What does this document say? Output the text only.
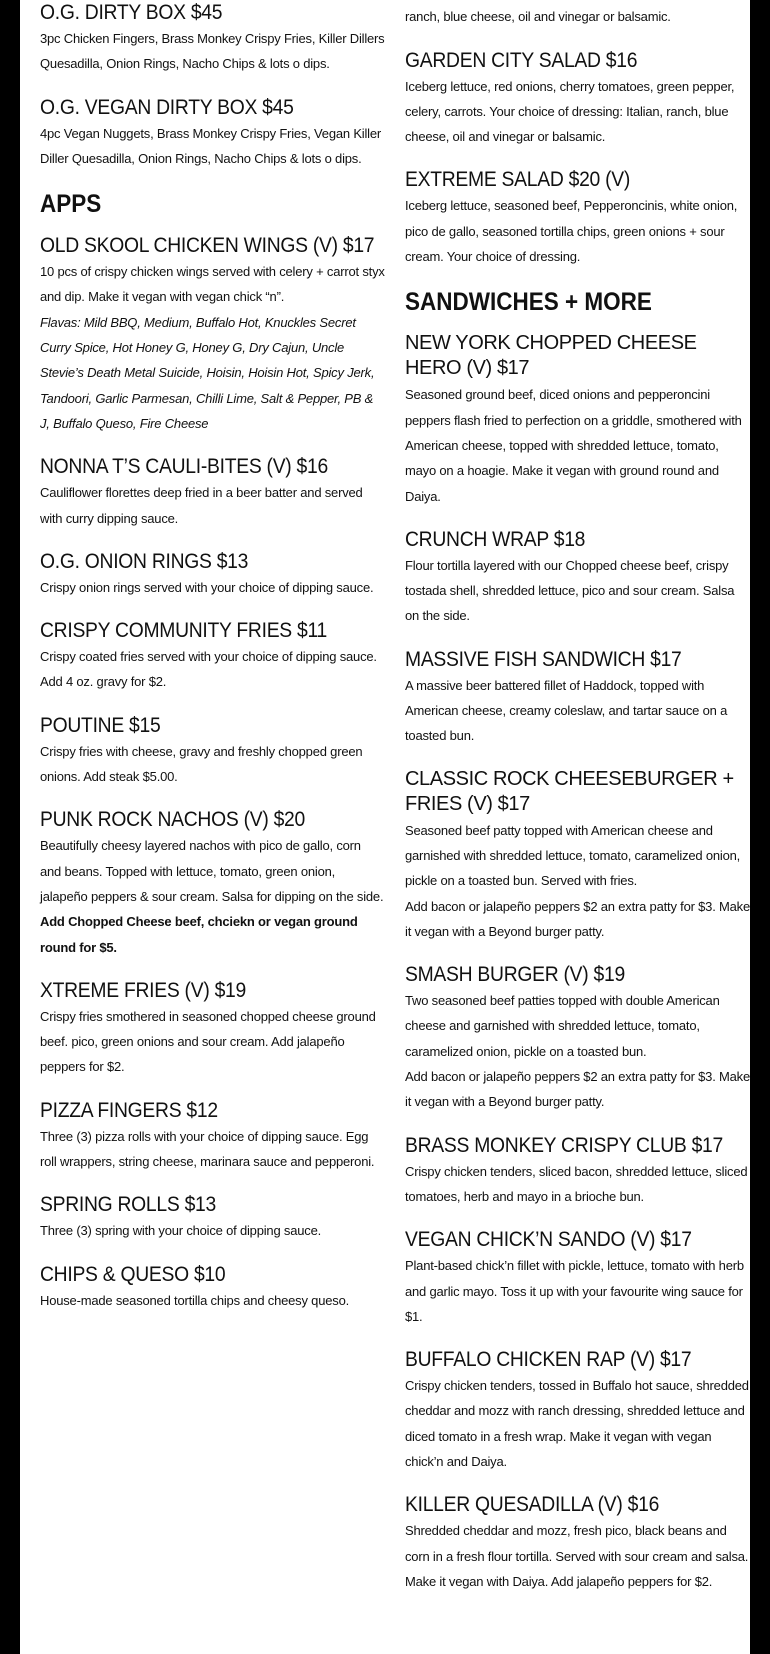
O.G. DIRTY BOX $45
3pc Chicken Fingers, Brass Monkey Crispy Fries, Killer Dillers Quesadilla, Onion Rings, Nacho Chips & lots o dips.
O.G. VEGAN DIRTY BOX $45
4pc Vegan Nuggets, Brass Monkey Crispy Fries, Vegan Killer Diller Quesadilla, Onion Rings, Nacho Chips & lots o dips.
APPS
OLD SKOOL CHICKEN WINGS (V) $17
10 pcs of crispy chicken wings served with celery + carrot styx and dip. Make it vegan with vegan chick “n”.
Flavas: Mild BBQ, Medium, Buffalo Hot, Knuckles Secret Curry Spice, Hot Honey G, Honey G, Dry Cajun, Uncle Stevie’s Death Metal Suicide, Hoisin, Hoisin Hot, Spicy Jerk, Tandoori, Garlic Parmesan, Chilli Lime, Salt & Pepper, PB & J, Buffalo Queso, Fire Cheese
NONNA T’S CAULI-BITES (V) $16
Cauliflower florettes deep fried in a beer batter and served with curry dipping sauce.
O.G. ONION RINGS $13
Crispy onion rings served with your choice of dipping sauce.
CRISPY COMMUNITY FRIES $11
Crispy coated fries served with your choice of dipping sauce.
Add 4 oz. gravy for $2.
POUTINE $15
Crispy fries with cheese, gravy and freshly chopped green onions. Add steak $5.00.
PUNK ROCK NACHOS (V) $20
Beautifully cheesy layered nachos with pico de gallo, corn and beans. Topped with lettuce, tomato, green onion, jalapeño peppers & sour cream. Salsa for dipping on the side. Add Chopped Cheese beef, chciekn or vegan ground round for $5.
XTREME FRIES (V) $19
Crispy fries smothered in seasoned chopped cheese ground beef. pico, green onions and sour cream. Add jalapeño peppers for $2.
PIZZA FINGERS $12
Three (3) pizza rolls with your choice of dipping sauce. Egg roll wrappers, string cheese, marinara sauce and pepperoni.
SPRING ROLLS $13
Three (3) spring with your choice of dipping sauce.
CHIPS & QUESO $10
House-made seasoned tortilla chips and cheesy queso.
ranch, blue cheese, oil and vinegar or balsamic.
GARDEN CITY SALAD $16
Iceberg lettuce, red onions, cherry tomatoes, green pepper, celery, carrots. Your choice of dressing: Italian, ranch, blue cheese, oil and vinegar or balsamic.
EXTREME SALAD $20 (V)
Iceberg lettuce, seasoned beef, Pepperoncinis, white onion, pico de gallo, seasoned tortilla chips, green onions + sour cream. Your choice of dressing.
SANDWICHES + MORE
NEW YORK CHOPPED CHEESE HERO (V) $17
Seasoned ground beef, diced onions and pepperoncini peppers flash fried to perfection on a griddle, smothered with American cheese, topped with shredded lettuce, tomato, mayo on a hoagie. Make it vegan with ground round and Daiya.
CRUNCH WRAP $18
Flour tortilla layered with our Chopped cheese beef, crispy tostada shell, shredded lettuce, pico and sour cream. Salsa on the side.
MASSIVE FISH SANDWICH $17
A massive beer battered fillet of Haddock, topped with American cheese, creamy coleslaw, and tartar sauce on a toasted bun.
CLASSIC ROCK CHEESEBURGER + FRIES (V) $17
Seasoned beef patty topped with American cheese and garnished with shredded lettuce, tomato, caramelized onion, pickle on a toasted bun. Served with fries.
Add bacon or jalapeño peppers $2 an extra patty for $3. Make it vegan with a Beyond burger patty.
SMASH BURGER (V) $19
Two seasoned beef patties topped with double American cheese and garnished with shredded lettuce, tomato, caramelized onion, pickle on a toasted bun.
Add bacon or jalapeño peppers $2 an extra patty for $3. Make it vegan with a Beyond burger patty.
BRASS MONKEY CRISPY CLUB $17
Crispy chicken tenders, sliced bacon, shredded lettuce, sliced tomatoes, herb and mayo in a brioche bun.
VEGAN CHICK’N SANDO (V) $17
Plant-based chick’n fillet with pickle, lettuce, tomato with herb and garlic mayo. Toss it up with your favourite wing sauce for $1.
BUFFALO CHICKEN RAP (V) $17
Crispy chicken tenders, tossed in Buffalo hot sauce, shredded cheddar and mozz with ranch dressing, shredded lettuce and diced tomato in a fresh wrap. Make it vegan with vegan chick’n and Daiya.
KILLER QUESADILLA (V) $16
Shredded cheddar and mozz, fresh pico, black beans and corn in a fresh flour tortilla. Served with sour cream and salsa. Make it vegan with Daiya. Add jalapeño peppers for $2.
